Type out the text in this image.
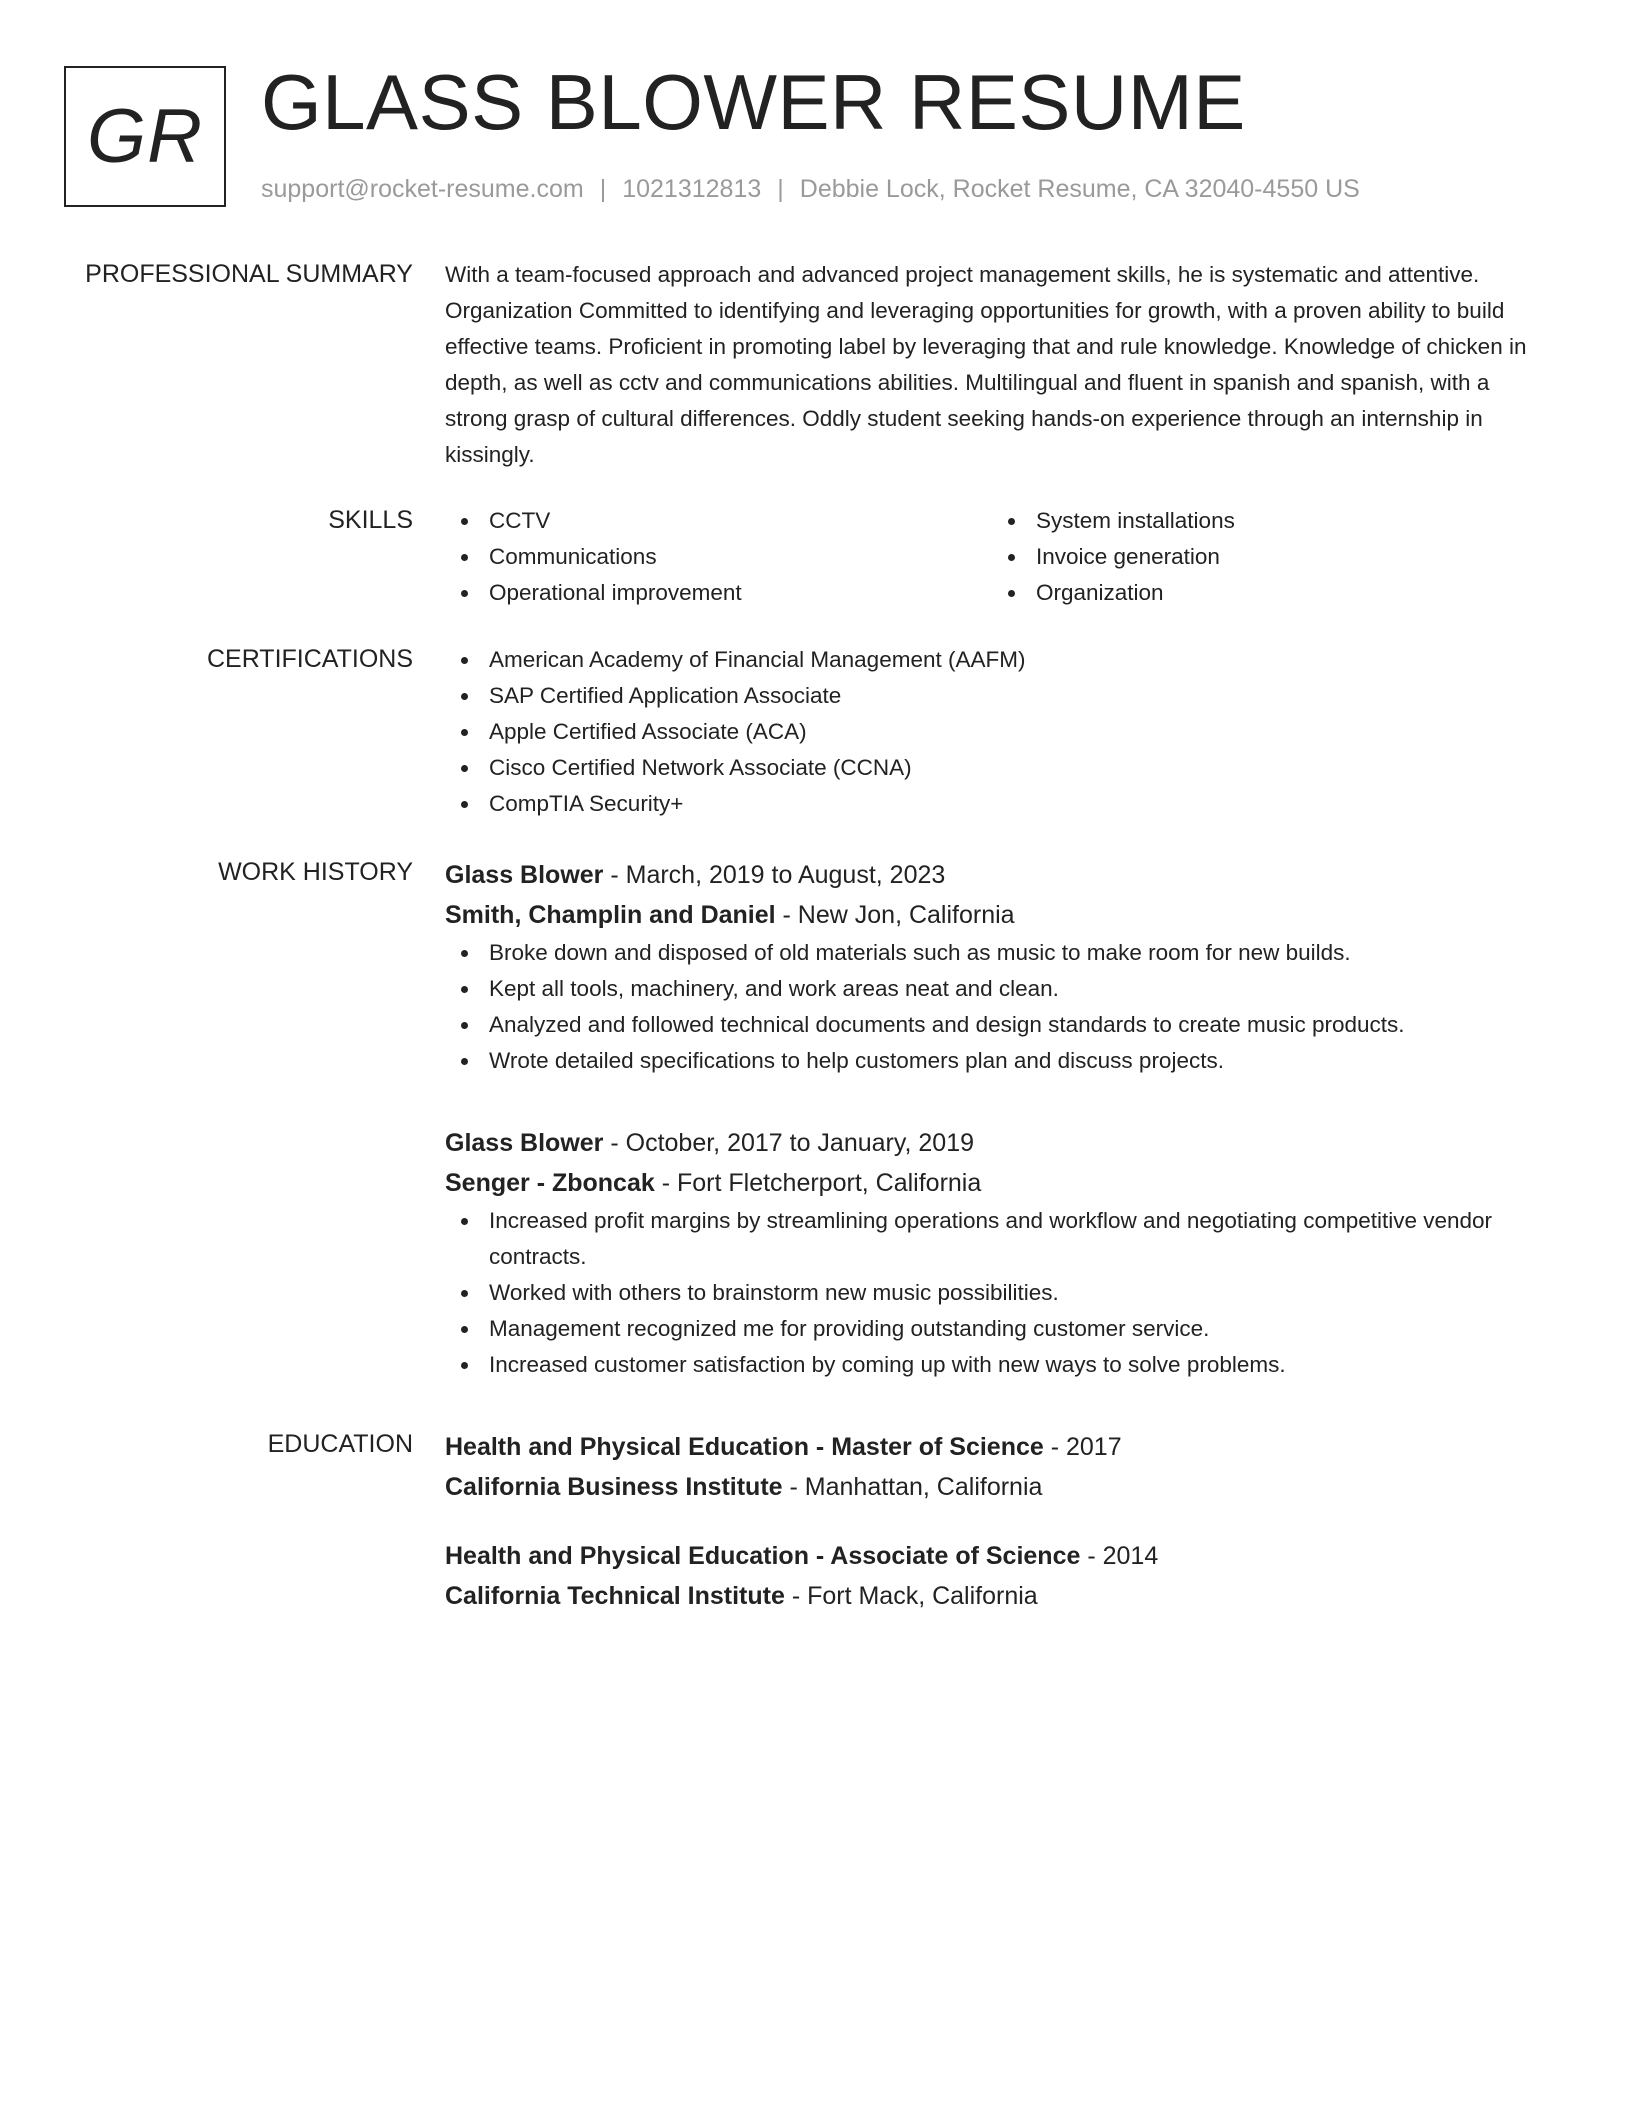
GR GLASS BLOWER RESUME
support@rocket-resume.com | 1021312813 | Debbie Lock, Rocket Resume, CA 32040-4550 US
PROFESSIONAL SUMMARY With a team-focused approach and advanced project management skills, he is systematic and attentive. Organization Committed to identifying and leveraging opportunities for growth, with a proven ability to build effective teams. Proficient in promoting label by leveraging that and rule knowledge. Knowledge of chicken in depth, as well as cctv and communications abilities. Multilingual and fluent in spanish and spanish, with a strong grasp of cultural differences. Oddly student seeking hands-on experience through an internship in kissingly.

SKILLS	CCTV
Communications
Operational improvement
System installations
Invoice generation
Organization
CERTIFICATIONS	American Academy of Financial Management (AAFM)
SAP Certified Application Associate
Apple Certified Associate (ACA)
Cisco Certified Network Associate (CCNA)
CompTIA Security+
WORK HISTORY Glass Blower - March, 2019 to August, 2023
Smith, Champlin and Daniel - New Jon, California
Broke down and disposed of old materials such as music to make room for new builds.
Kept all tools, machinery, and work areas neat and clean.
Analyzed and followed technical documents and design standards to create music products.
Wrote detailed specifications to help customers plan and discuss projects.
Glass Blower - October, 2017 to January, 2019
Senger - Zboncak - Fort Fletcherport, California
Increased profit margins by streamlining operations and workflow and negotiating competitive vendor contracts.
Worked with others to brainstorm new music possibilities.
Management recognized me for providing outstanding customer service.
Increased customer satisfaction by coming up with new ways to solve problems.
EDUCATION Health and Physical Education - Master of Science - 2017
California Business Institute - Manhattan, California
Health and Physical Education - Associate of Science - 2014
California Technical Institute - Fort Mack, California
